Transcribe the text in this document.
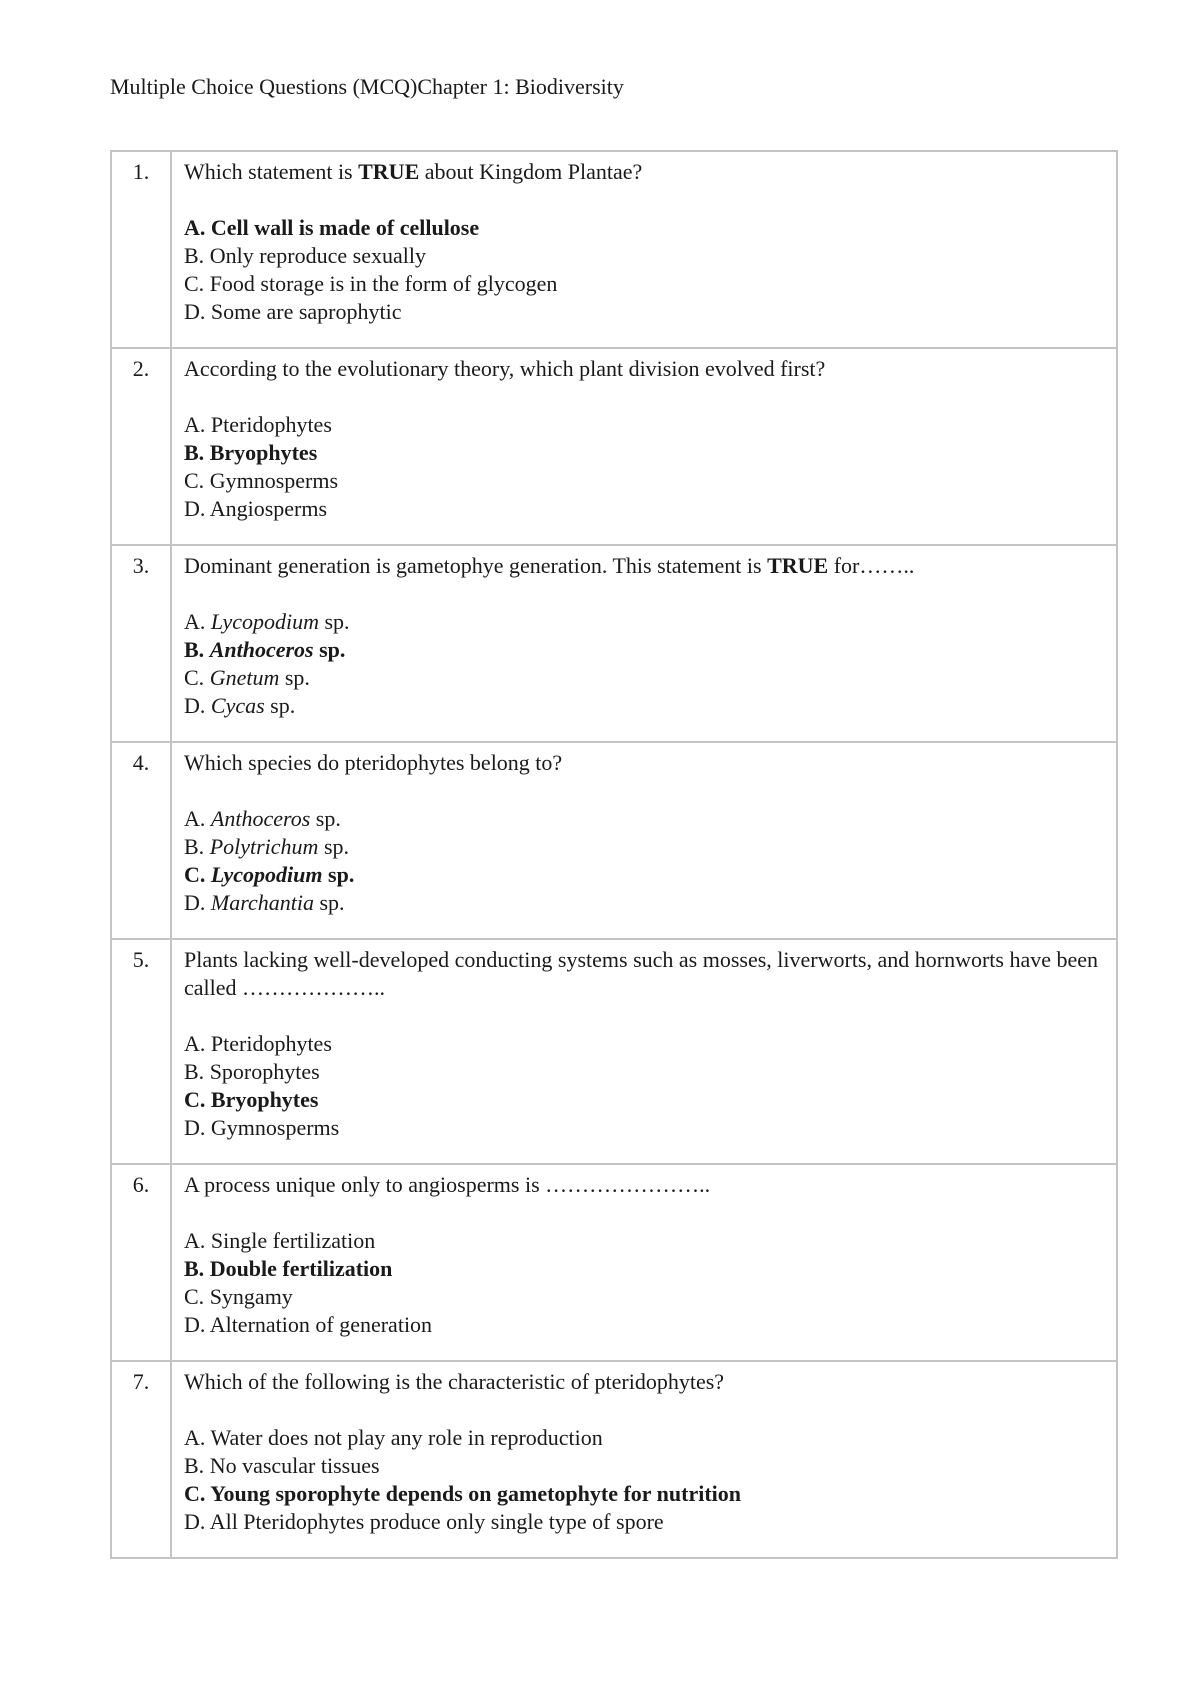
Multiple Choice Questions (MCQ)Chapter 1: Biodiversity
1.	Which statement is TRUE about Kingdom Plantae?
A. Cell wall is made of cellulose
B. Only reproduce sexually
C. Food storage is in the form of glycogen
D. Some are saprophytic

2.	According to the evolutionary theory, which plant division evolved first?
A. Pteridophytes
B. Bryophytes
C. Gymnosperms
D. Angiosperms

3.	Dominant generation is gametophye generation. This statement is TRUE for……..
A. Lycopodium sp.
B. Anthoceros sp.
C. Gnetum sp.
D. Cycas sp.

4.	Which species do pteridophytes belong to?
A. Anthoceros sp.
B. Polytrichum sp.
C. Lycopodium sp.
D. Marchantia sp.

5.	Plants lacking well-developed conducting systems such as mosses, liverworts, and hornworts have been called ………………..
A. Pteridophytes
B. Sporophytes
C. Bryophytes
D. Gymnosperms

6.	A process unique only to angiosperms is …………………..
A. Single fertilization
B. Double fertilization
C. Syngamy
D. Alternation of generation

7.	Which of the following is the characteristic of pteridophytes?
A. Water does not play any role in reproduction
B. No vascular tissues
C. Young sporophyte depends on gametophyte for nutrition
D. All Pteridophytes produce only single type of spore
